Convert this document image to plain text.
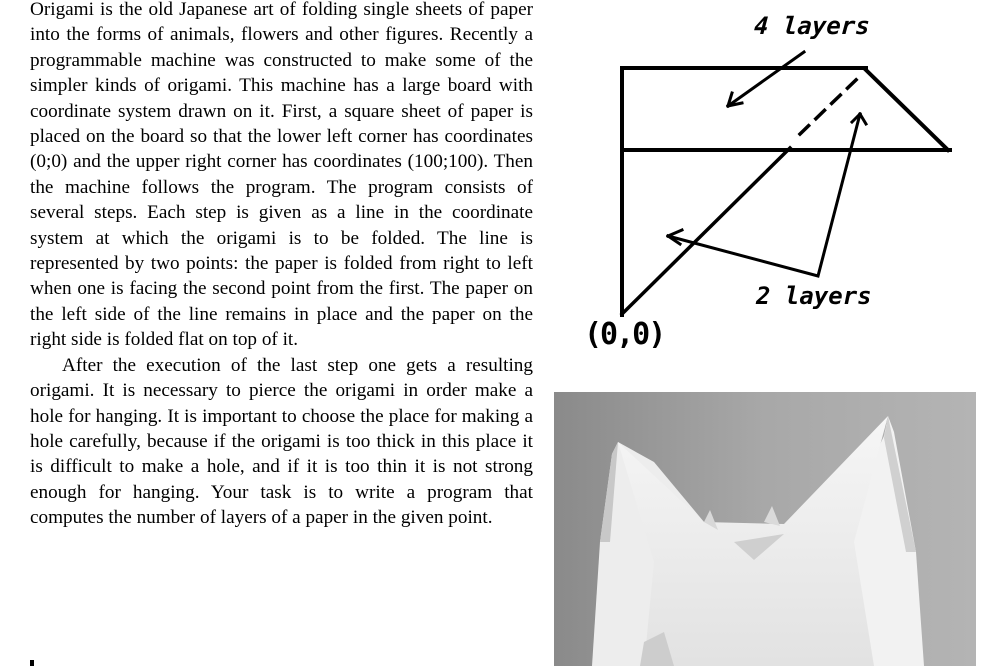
Origami is the old Japanese art of folding single sheets of paper into the forms of animals, flowers and other figures. Recently a programmable machine was constructed to make some of the simpler kinds of origami. This machine has a large board with coordinate system drawn on it. First, a square sheet of paper is placed on the board so that the lower left corner has coordinates (0;0) and the upper right corner has coordinates (100;100). Then the machine follows the program. The program consists of several steps. Each step is given as a line in the coordinate system at which the origami is to be folded. The line is represented by two points: the paper is folded from right to left when one is facing the second point from the first. The paper on the left side of the line remains in place and the paper on the right side is folded flat on top of it.

After the execution of the last step one gets a resulting origami. It is necessary to pierce the origami in order make a hole for hanging. It is important to choose the place for making a hole carefully, because if the origami is too thick in this place it is difficult to make a hole, and if it is too thin it is not strong enough for hanging. Your task is to write a program that computes the number of layers of a paper in the given point.

4 layers
2 layers
(0,0)
